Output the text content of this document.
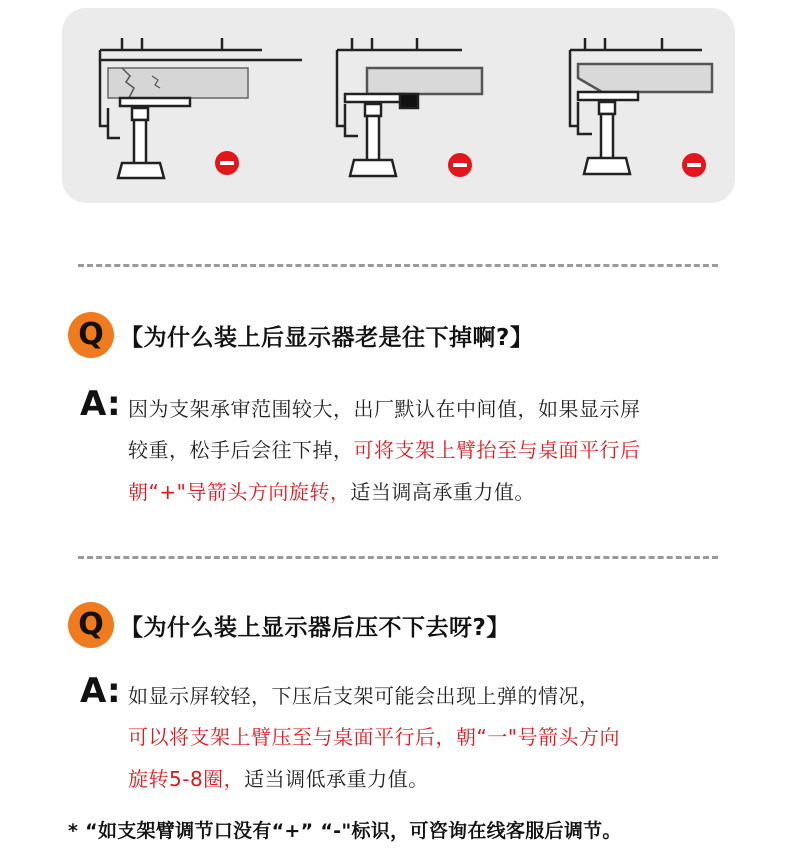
Q 【为什么装上后显示器老是往下掉啊?】
A: 因为支架承审范围较大，出厂默认在中间值，如果显示屏
较重，松手后会往下掉，可将支架上臂抬至与桌面平行后
朝“+"导箭头方向旋转，适当调高承重力值。
Q 【为什么装上显示器后压不下去呀?】
A: 如显示屏较轻，下压后支架可能会出现上弹的情况，
可以将支架上臂压至与桌面平行后，朝“一"号箭头方向
旋转5-8圈，适当调低承重力值。
* “如支架臂调节口没有“+” “-"标识，可咨询在线客服后调节。
